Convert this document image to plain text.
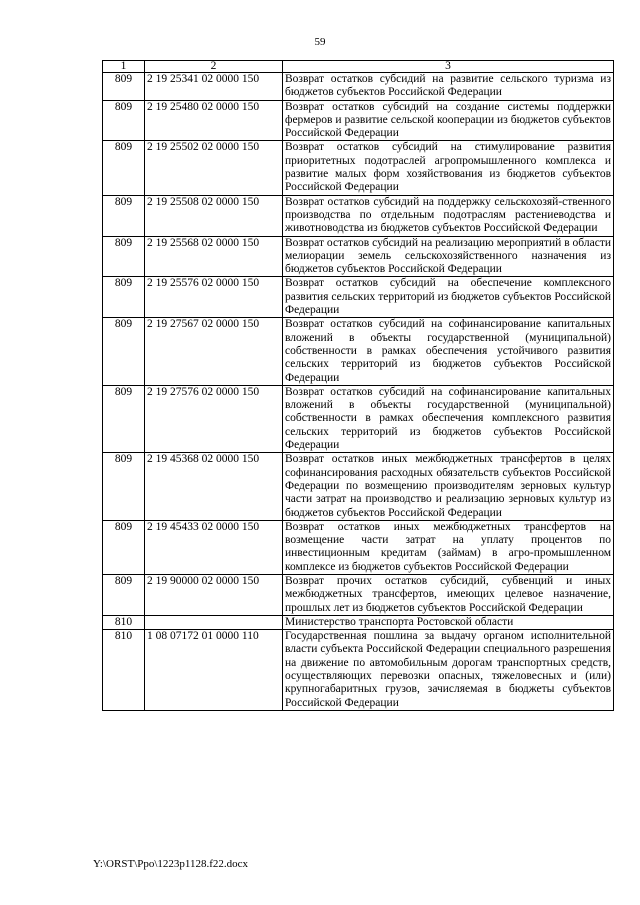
59
1	2	3
809	2 19 25341 02 0000 150	Возврат остатков субсидий на развитие сельского туризма из бюджетов субъектов Российской Федерации
809	2 19 25480 02 0000 150	Возврат остатков субсидий на создание системы поддержки фермеров и развитие сельской кооперации из бюджетов субъектов Российской Федерации
809	2 19 25502 02 0000 150	Возврат остатков субсидий на стимулирование развития приоритетных подотраслей агропромышленного комплекса и развитие малых форм хозяйствования из бюджетов субъектов Российской Федерации
809	2 19 25508 02 0000 150	Возврат остатков субсидий на поддержку сельскохозяй-ственного производства по отдельным подотраслям растениеводства и животноводства из бюджетов субъектов Российской Федерации
809	2 19 25568 02 0000 150	Возврат остатков субсидий на реализацию мероприятий в области мелиорации земель сельскохозяйственного назначения из бюджетов субъектов Российской Федерации
809	2 19 25576 02 0000 150	Возврат остатков субсидий на обеспечение комплексного развития сельских территорий из бюджетов субъектов Российской Федерации
809	2 19 27567 02 0000 150	Возврат остатков субсидий на софинансирование капитальных вложений в объекты государственной (муниципальной) собственности в рамках обеспечения устойчивого развития сельских территорий из бюджетов субъектов Российской Федерации
809	2 19 27576 02 0000 150	Возврат остатков субсидий на софинансирование капитальных вложений в объекты государственной (муниципальной) собственности в рамках обеспечения комплексного развития сельских территорий из бюджетов субъектов Российской Федерации
809	2 19 45368 02 0000 150	Возврат остатков иных межбюджетных трансфертов в целях софинансирования расходных обязательств субъектов Российской Федерации по возмещению производителям зерновых культур части затрат на производство и реализацию зерновых культур из бюджетов субъектов Российской Федерации
809	2 19 45433 02 0000 150	Возврат остатков иных межбюджетных трансфертов на возмещение части затрат на уплату процентов по инвестиционным кредитам (займам) в агро-промышленном комплексе из бюджетов субъектов Российской Федерации
809	2 19 90000 02 0000 150	Возврат прочих остатков субсидий, субвенций и иных межбюджетных трансфертов, имеющих целевое назначение, прошлых лет из бюджетов субъектов Российской Федерации
810		Министерство транспорта Ростовской области
810	1 08 07172 01 0000 110	Государственная пошлина за выдачу органом исполнительной власти субъекта Российской Федерации специального разрешения на движение по автомобильным дорогам транспортных средств, осуществляющих перевозки опасных, тяжеловесных и (или) крупногабаритных грузов, зачисляемая в бюджеты субъектов Российской Федерации
Y:\ORST\Ppo\1223p1128.f22.docx
